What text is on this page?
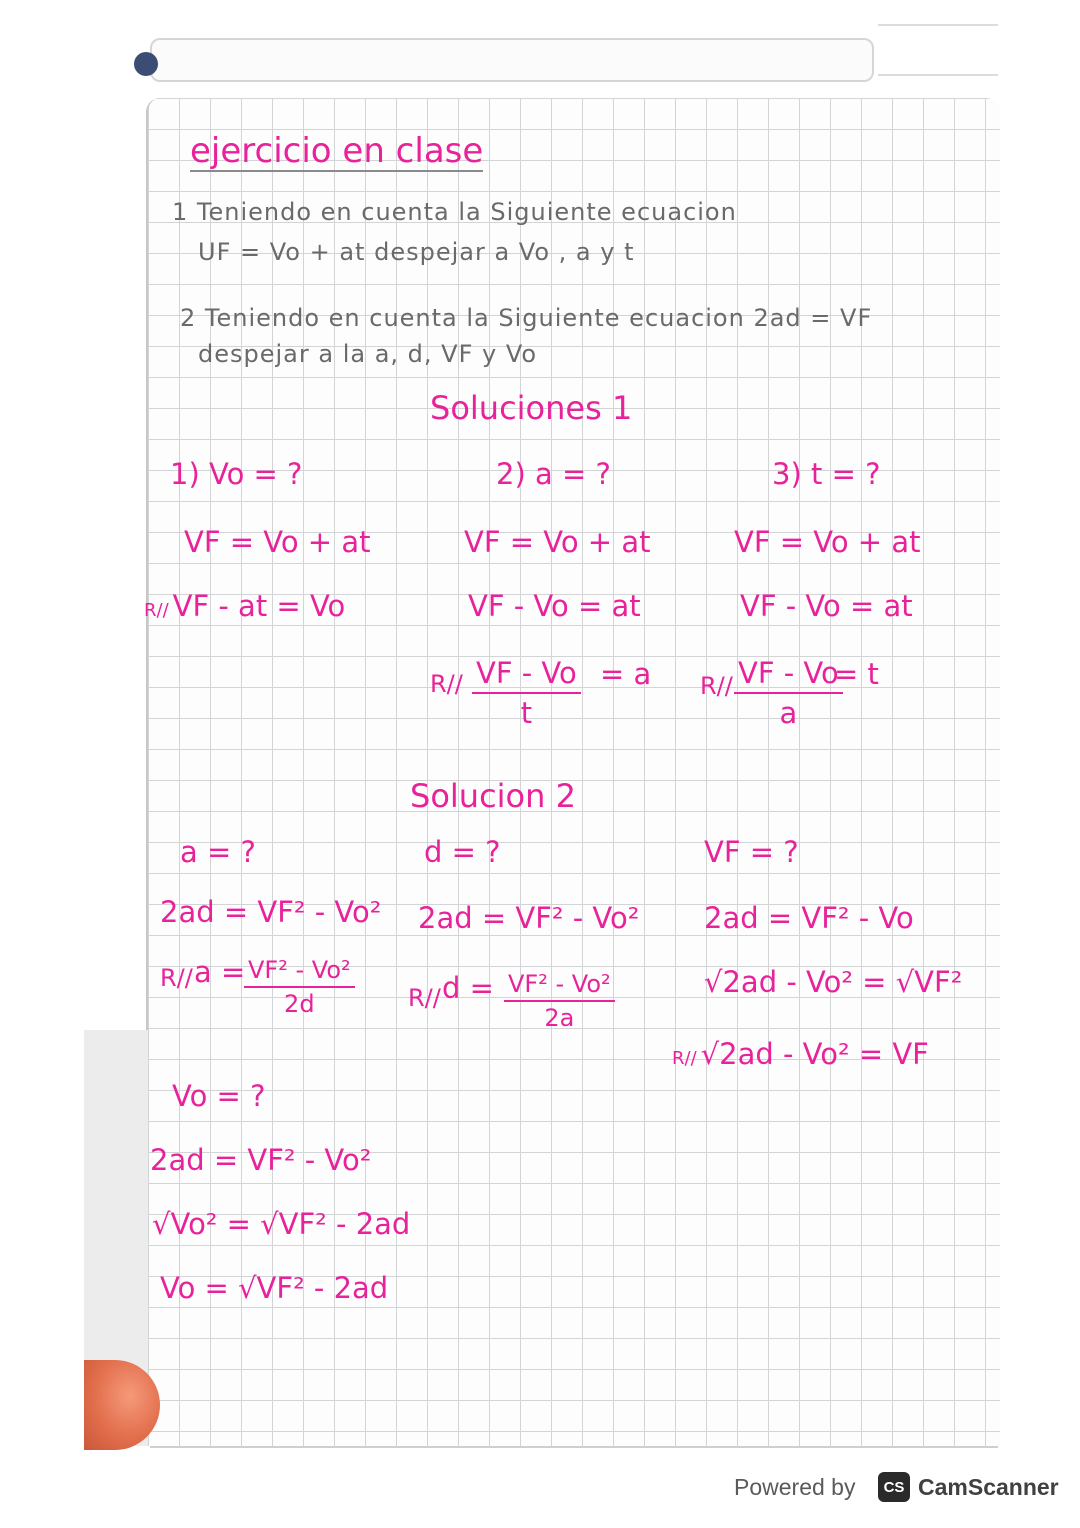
ejercicio en clase
1 Teniendo en cuenta la Siguiente ecuacion
UF = Vo + at despejar a Vo , a y t
2 Teniendo en cuenta la Siguiente ecuacion 2ad = VF
despejar a la a, d, VF y Vo
Soluciones 1
1) Vo = ?
VF = Vo + at
R// VF - at = Vo
2) a = ?
VF = Vo + at
VF - Vo = at
$R// \frac{VF - Vo}{t} = a$
3) t = ?
VF = Vo + at
VF - Vo = at
$R// \frac{VF - Vo}{a}$
= t
Solucion 2
a = ?
2ad = VF² - Vo²
R// a =
$\frac{\text{VF² - Vo²}}{2d}$
d = ?
2ad = VF² - Vo²
R// $d = \frac{\text{VF² - Vo²}}{2a}$
VF = ?
2ad = VF² - Vo
√2ad - Vo² = √VF²
R// √2ad - Vo² = VF
Vo = ?
2ad = VF² - Vo²
√Vo² = √VF² - 2ad
Vo = √VF² - 2ad
Powered by	CS CamScanner
